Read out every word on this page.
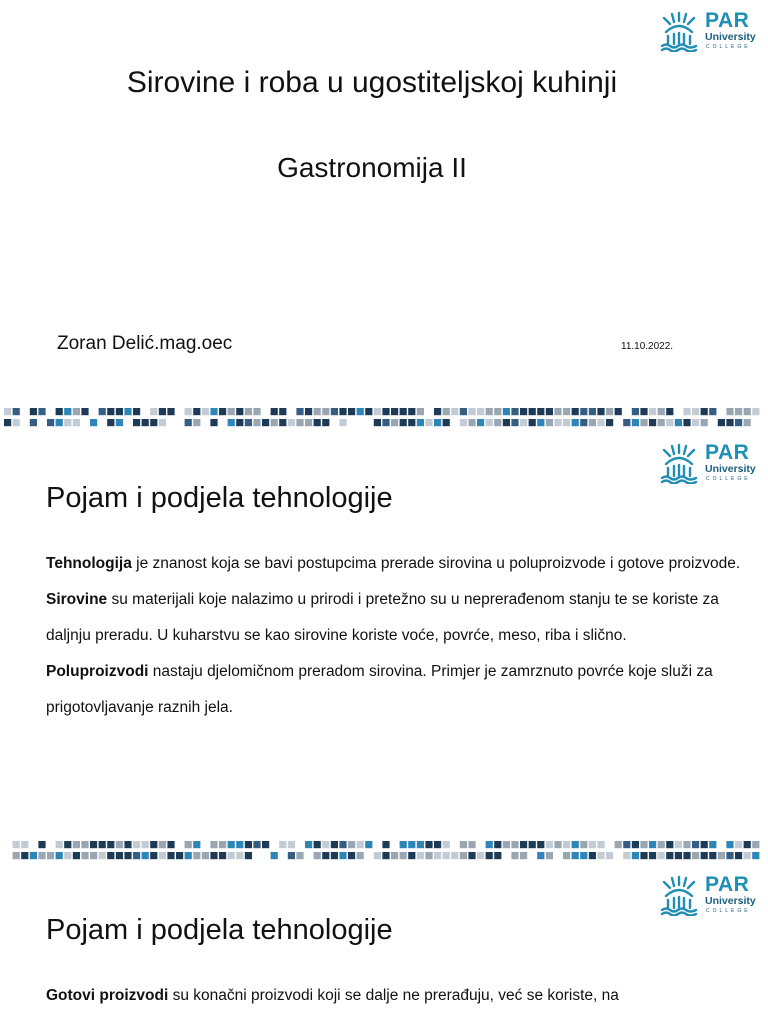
PAR
University
COLLEGE
Sirovine i roba u ugostiteljskoj kuhinji
Gastronomija II
Zoran Delić.mag.oec	11.10.2022.
PAR
University
COLLEGE
Pojam i podjela tehnologije

Tehnologija je znanost koja se bavi postupcima prerade sirovina u poluproizvode i gotove proizvode.

Sirovine su materijali koje nalazimo u prirodi i pretežno su u neprerađenom stanju te se koriste za daljnju preradu. U kuharstvu se kao sirovine koriste voće, povrće, meso, riba i slično.

Poluproizvodi nastaju djelomičnom preradom sirovina. Primjer je zamrznuto povrće koje služi za prigotovljavanje raznih jela.

PAR
University
COLLEGE
Pojam i podjela tehnologije

Gotovi proizvodi su konačni proizvodi koji se dalje ne prerađuju, već se koriste, na
